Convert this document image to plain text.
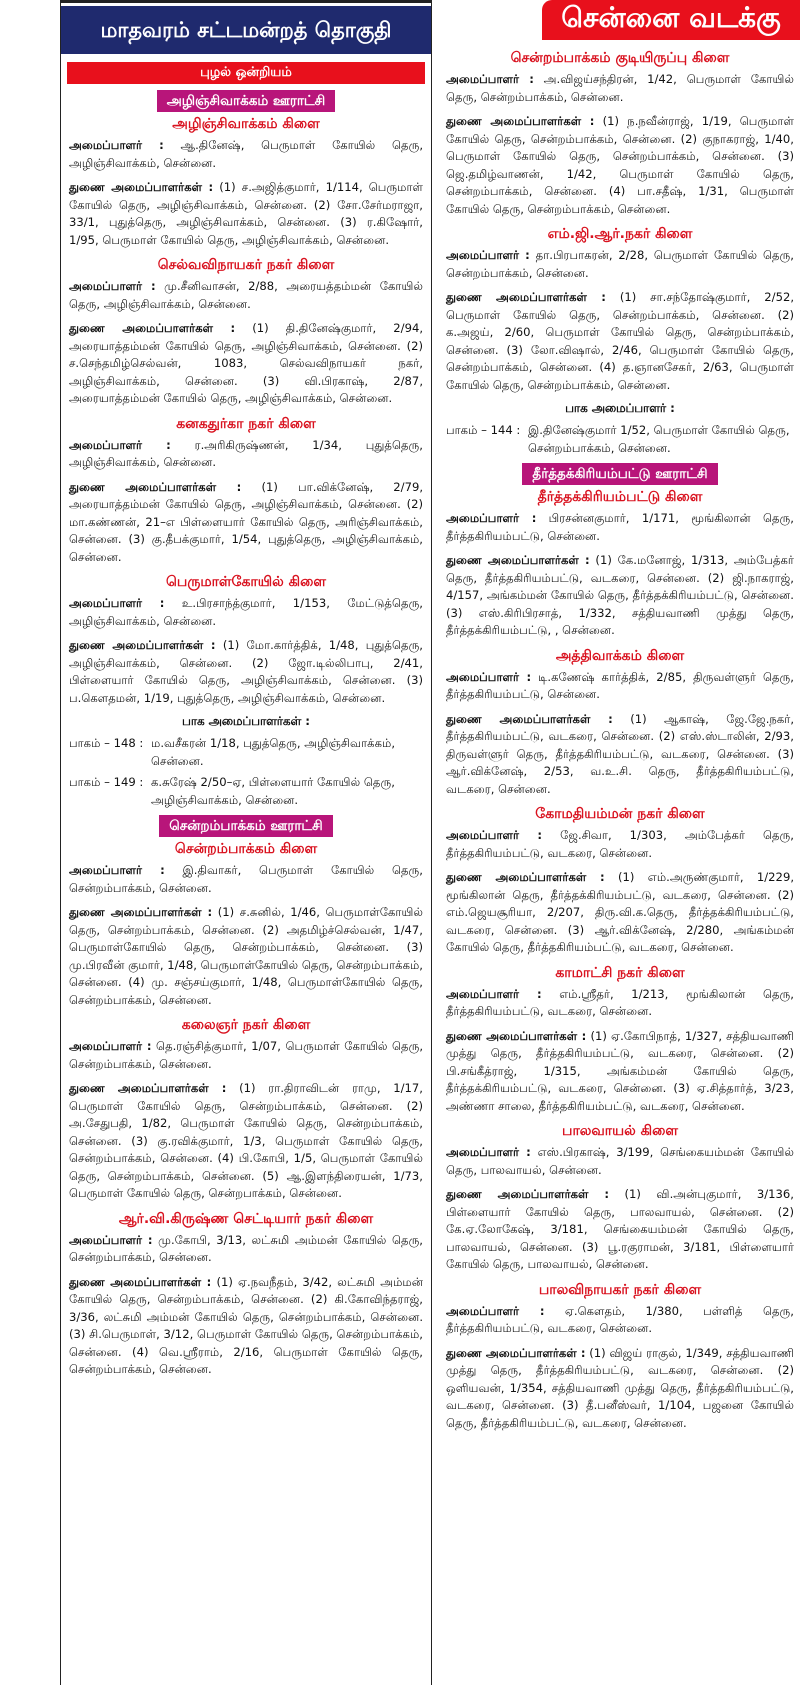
சென்னை வடக்கு
மாதவரம் சட்டமன்றத் தொகுதி
புழல் ஒன்றியம்
அழிஞ்சிவாக்கம் ஊராட்சி
அழிஞ்சிவாக்கம் கிளை
அமைப்பாளர் : ஆ.தினேஷ், பெருமாள் கோயில் தெரு, அழிஞ்சிவாக்கம், சென்னை.
துணை அமைப்பாளர்கள் : (1) ச.அஜித்குமார், 1/114, பெருமாள் கோயில் தெரு, அழிஞ்சிவாக்கம், சென்னை. (2) சோ.சேர்மராஜா, 33/1, புதுத்தெரு, அழிஞ்சிவாக்கம், சென்னை. (3) ர.கிஷோர், 1/95, பெருமாள் கோயில் தெரு, அழிஞ்சிவாக்கம், சென்னை.
செல்வவிநாயகர் நகர் கிளை
அமைப்பாளர் : மு.சீனிவாசன், 2/88, அரையத்தம்மன் கோயில் தெரு, அழிஞ்சிவாக்கம், சென்னை.
துணை அமைப்பாளர்கள் : (1) தி.தினேஷ்குமார், 2/94, அரையாத்தம்மன் கோயில் தெரு, அழிஞ்சிவாக்கம், சென்னை. (2) ச.செந்தமிழ்செல்வன், 1083, செல்வவிநாயகர் நகர், அழிஞ்சிவாக்கம், சென்னை. (3) வி.பிரகாஷ், 2/87, அரையாத்தம்மன் கோயில் தெரு, அழிஞ்சிவாக்கம், சென்னை.
கனகதுர்கா நகர் கிளை
அமைப்பாளர் : ர.அரிகிருஷ்ணன், 1/34, புதுத்தெரு, அழிஞ்சிவாக்கம், சென்னை.
துணை அமைப்பாளர்கள் : (1) பா.விக்னேஷ், 2/79, அரையாத்தம்மன் கோயில் தெரு, அழிஞ்சிவாக்கம், சென்னை. (2) மா.கண்ணன், 21–எ பிள்ளையார் கோயில் தெரு, அரிஞ்சிவாக்கம், சென்னை. (3) கு.தீபக்குமார், 1/54, புதுத்தெரு, அழிஞ்சிவாக்கம், சென்னை.
பெருமாள்கோயில் கிளை
அமைப்பாளர் : உ.பிரசாந்த்குமார், 1/153, மேட்டுத்தெரு, அழிஞ்சிவாக்கம், சென்னை.
துணை அமைப்பாளர்கள் : (1) மோ.கார்த்திக், 1/48, புதுத்தெரு, அழிஞ்சிவாக்கம், சென்னை. (2) ஜோ.டில்லிபாபு, 2/41, பிள்ளையார் கோயில் தெரு, அழிஞ்சிவாக்கம், சென்னை. (3) ப.கௌதமன், 1/19, புதுத்தெரு, அழிஞ்சிவாக்கம், சென்னை.
பாக அமைப்பாளர்கள் :
பாகம் – 148 : ம.வசீகரன் 1/18, புதுத்தெரு, அழிஞ்சிவாக்கம், சென்னை.
பாகம் – 149 : க.சுரேஷ் 2/50–ஏ, பிள்ளையார் கோயில் தெரு, அழிஞ்சிவாக்கம், சென்னை.
சென்றம்பாக்கம் ஊராட்சி
சென்றம்பாக்கம் கிளை
அமைப்பாளர் : இ.திவாகர், பெருமாள் கோயில் தெரு, சென்றம்பாக்கம், சென்னை.
துணை அமைப்பாளர்கள் : (1) ச.சுனில், 1/46, பெருமாள்கோயில் தெரு, சென்றம்பாக்கம், சென்னை. (2) அதமிழ்ச்செல்வன், 1/47, பெருமாள்கோயில் தெரு, சென்றம்பாக்கம், சென்னை. (3) மு.பிரவீன் குமார், 1/48, பெருமாள்கோயில் தெரு, சென்றம்பாக்கம், சென்னை. (4) மு. சஞ்சய்குமார், 1/48, பெருமாள்கோயில் தெரு, சென்றம்பாக்கம், சென்னை.
கலைஞர் நகர் கிளை
அமைப்பாளர் : தெ.ரஞ்சித்குமார், 1/07, பெருமாள் கோயில் தெரு, சென்றம்பாக்கம், சென்னை.
துணை அமைப்பாளர்கள் : (1) ரா.திராவிடன் ராமு, 1/17, பெருமாள் கோயில் தெரு, சென்றம்பாக்கம், சென்னை. (2) அ.சேதுபதி, 1/82, பெருமாள் கோயில் தெரு, சென்றம்பாக்கம், சென்னை. (3) கு.ரவிக்குமார், 1/3, பெருமாள் கோயில் தெரு, சென்றம்பாக்கம், சென்னை. (4) பி.கோபி, 1/5, பெருமாள் கோயில் தெரு, சென்றம்பாக்கம், சென்னை. (5) ஆ.இளந்திரையன், 1/73, பெருமாள் கோயில் தெரு, சென்றபாக்கம், சென்னை.
ஆர்.வி.கிருஷ்ண செட்டியார் நகர் கிளை
அமைப்பாளர் : மு.கோபி, 3/13, லட்சுமி அம்மன் கோயில் தெரு, சென்றம்பாக்கம், சென்னை.
துணை அமைப்பாளர்கள் : (1) ஏ.நவநீதம், 3/42, லட்சுமி அம்மன் கோயில் தெரு, சென்றம்பாக்கம், சென்னை. (2) கி.கோவிந்தராஜ், 3/36, லட்சுமி அம்மன் கோயில் தெரு, சென்றம்பாக்கம், சென்னை. (3) சி.பெருமாள், 3/12, பெருமாள் கோயில் தெரு, சென்றம்பாக்கம், சென்னை. (4) வெ.ஸ்ரீராம், 2/16, பெருமாள் கோயில் தெரு, சென்றம்பாக்கம், சென்னை.
சென்றம்பாக்கம் குடியிருப்பு கிளை
அமைப்பாளர் : அ.விஜய்சந்திரன், 1/42, பெருமாள் கோயில் தெரு, சென்றம்பாக்கம், சென்னை.
துணை அமைப்பாளர்கள் : (1) ந.நவீன்ராஜ், 1/19, பெருமாள் கோயில் தெரு, சென்றம்பாக்கம், சென்னை. (2) குநாகராஜ், 1/40, பெருமாள் கோயில் தெரு, சென்றம்பாக்கம், சென்னை. (3) ஜெ.தமிழ்வாணன், 1/42, பெருமாள் கோயில் தெரு, சென்றம்பாக்கம், சென்னை. (4) பா.சதீஷ், 1/31, பெருமாள் கோயில் தெரு, சென்றம்பாக்கம், சென்னை.
எம்.ஜி.ஆர்.நகர் கிளை
அமைப்பாளர் : தா.பிரபாகரன், 2/28, பெருமாள் கோயில் தெரு, சென்றம்பாக்கம், சென்னை.
துணை அமைப்பாளர்கள் : (1) சா.சந்தோஷ்குமார், 2/52, பெருமாள் கோயில் தெரு, சென்றம்பாக்கம், சென்னை. (2) க.அஜய், 2/60, பெருமாள் கோயில் தெரு, சென்றம்பாக்கம், சென்னை. (3) லோ.விஷால், 2/46, பெருமாள் கோயில் தெரு, சென்றம்பாக்கம், சென்னை. (4) த.ஞானசேகர், 2/63, பெருமாள் கோயில் தெரு, சென்றம்பாக்கம், சென்னை.
பாக அமைப்பாளர் :
பாகம் – 144 : இ.தினேஷ்குமார் 1/52, பெருமாள் கோயில் தெரு, சென்றம்பாக்கம், சென்னை.
தீர்த்தக்கிரியம்பட்டு ஊராட்சி
தீர்த்தக்கிரியம்பட்டு கிளை
அமைப்பாளர் : பிரசன்னகுமார், 1/171, மூங்கிலான் தெரு, தீர்த்தகிரியம்பட்டு, சென்னை.
துணை அமைப்பாளர்கள் : (1) கே.மனோஜ், 1/313, அம்பேத்கர் தெரு, தீர்த்தகிரியம்பட்டு, வடகரை, சென்னை. (2) ஜி.நாகராஜ், 4/157, அங்கம்மன் கோயில் தெரு, தீர்த்தக்கிரியம்பட்டு, சென்னை. (3) எஸ்.கிரிபிரசாத், 1/332, சத்தியவாணி முத்து தெரு, தீர்த்தக்கிரியம்பட்டு, , சென்னை.
அத்திவாக்கம் கிளை
அமைப்பாளர் : டி.கணேஷ் கார்த்திக், 2/85, திருவள்ளுர் தெரு, தீர்த்தகிரியம்பட்டு, சென்னை.
துணை அமைப்பாளர்கள் : (1) ஆகாஷ், ஜே.ஜே.நகர், தீர்த்தகிரியம்பட்டு, வடகரை, சென்னை. (2) எஸ்.ஸ்டாலின், 2/93, திருவள்ளுர் தெரு, தீர்த்தகிரியம்பட்டு, வடகரை, சென்னை. (3) ஆர்.விக்னேஷ், 2/53, வ.உ.சி. தெரு, தீர்த்தகிரியம்பட்டு, வடகரை, சென்னை.
கோமதியம்மன் நகர் கிளை
அமைப்பாளர் : ஜே.சிவா, 1/303, அம்பேத்கர் தெரு, தீர்த்தகிரியம்பட்டு, வடகரை, சென்னை.
துணை அமைப்பாளர்கள் : (1) எம்.அருண்குமார், 1/229, மூங்கிலான் தெரு, தீர்த்தக்கிரியம்பட்டு, வடகரை, சென்னை. (2) எம்.ஜெயசூரியா, 2/207, திரு.வி.க.தெரு, தீர்த்தக்கிரியம்பட்டு, வடகரை, சென்னை. (3) ஆர்.விக்னேஷ், 2/280, அங்கம்மன் கோயில் தெரு, தீர்த்தகிரியம்பட்டு, வடகரை, சென்னை.
காமாட்சி நகர் கிளை
அமைப்பாளர் : எம்.ஸ்ரீதர், 1/213, மூங்கிலான் தெரு, தீர்த்தகிரியம்பட்டு, வடகரை, சென்னை.
துணை அமைப்பாளர்கள் : (1) ஏ.கோபிநாத், 1/327, சத்தியவாணி முத்து தெரு, தீர்த்தகிரியம்பட்டு, வடகரை, சென்னை. (2) பி.சங்கீத்ராஜ், 1/315, அங்கம்மன் கோயில் தெரு, தீர்த்தக்கிரியம்பட்டு, வடகரை, சென்னை. (3) ஏ.சித்தார்த், 3/23, அண்ணா சாலை, தீர்த்தகிரியம்பட்டு, வடகரை, சென்னை.
பாலவாயல் கிளை
அமைப்பாளர் : எஸ்.பிரகாஷ், 3/199, செங்கையம்மன் கோயில் தெரு, பாலவாயல், சென்னை.
துணை அமைப்பாளர்கள் : (1) வி.அன்புகுமார், 3/136, பிள்ளையார் கோயில் தெரு, பாலவாயல், சென்னை. (2) கே.ஏ.லோகேஷ், 3/181, செங்கையம்மன் கோயில் தெரு, பாலவாயல், சென்னை. (3) பூ.ரகுராமன், 3/181, பிள்ளையார் கோயில் தெரு, பாலவாயல், சென்னை.
பாலவிநாயகர் நகர் கிளை
அமைப்பாளர் : ஏ.கௌதம், 1/380, பள்ளித் தெரு, தீர்த்தகிரியம்பட்டு, வடகரை, சென்னை.
துணை அமைப்பாளர்கள் : (1) விஜய் ராகுல், 1/349, சத்தியவாணி முத்து தெரு, தீர்த்தகிரியம்பட்டு, வடகரை, சென்னை. (2) ஒளியவன், 1/354, சத்தியவாணி முத்து தெரு, தீர்த்தகிரியம்பட்டு, வடகரை, சென்னை. (3) தீ.பனீஸ்வர், 1/104, பஜனை கோயில் தெரு, தீர்த்தகிரியம்பட்டு, வடகரை, சென்னை.
